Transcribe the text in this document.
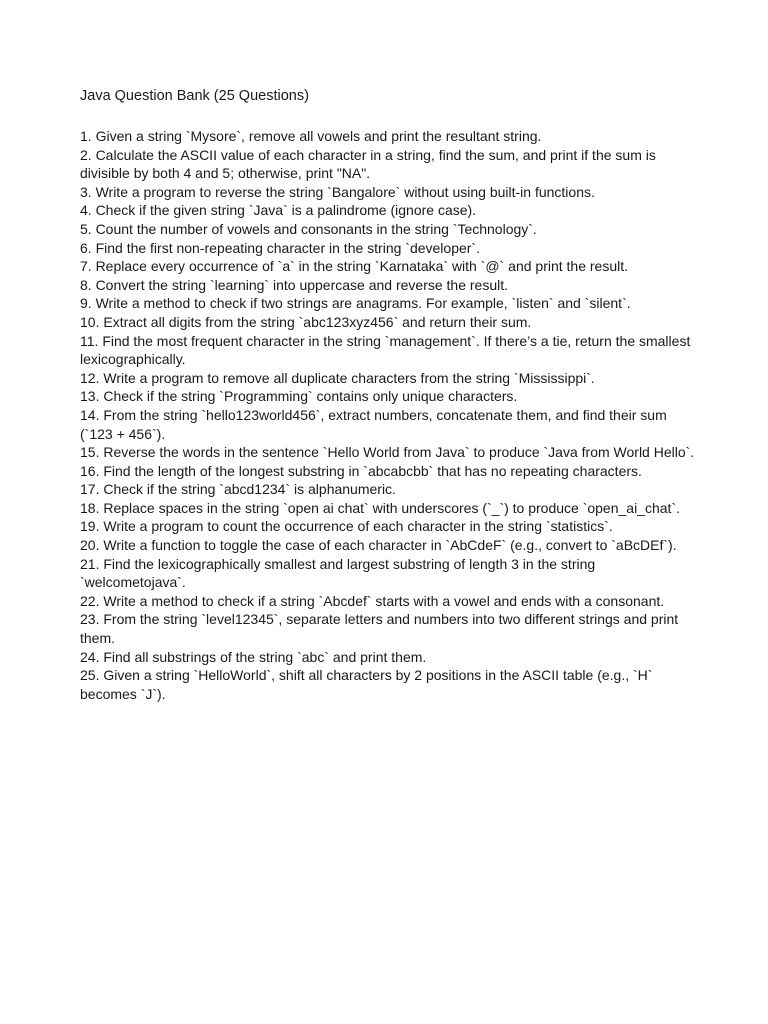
Java Question Bank (25 Questions)
1. Given a string `Mysore`, remove all vowels and print the resultant string.
2. Calculate the ASCII value of each character in a string, find the sum, and print if the sum is divisible by both 4 and 5; otherwise, print "NA".
3. Write a program to reverse the string `Bangalore` without using built-in functions.
4. Check if the given string `Java` is a palindrome (ignore case).
5. Count the number of vowels and consonants in the string `Technology`.
6. Find the first non-repeating character in the string `developer`.
7. Replace every occurrence of `a` in the string `Karnataka` with `@` and print the result.
8. Convert the string `learning` into uppercase and reverse the result.
9. Write a method to check if two strings are anagrams. For example, `listen` and `silent`.
10. Extract all digits from the string `abc123xyz456` and return their sum.
11. Find the most frequent character in the string `management`. If there’s a tie, return the smallest lexicographically.
12. Write a program to remove all duplicate characters from the string `Mississippi`.
13. Check if the string `Programming` contains only unique characters.
14. From the string `hello123world456`, extract numbers, concatenate them, and find their sum (`123 + 456`).
15. Reverse the words in the sentence `Hello World from Java` to produce `Java from World Hello`.
16. Find the length of the longest substring in `abcabcbb` that has no repeating characters.
17. Check if the string `abcd1234` is alphanumeric.
18. Replace spaces in the string `open ai chat` with underscores (`_`) to produce `open_ai_chat`.
19. Write a program to count the occurrence of each character in the string `statistics`.
20. Write a function to toggle the case of each character in `AbCdeF` (e.g., convert to `aBcDEf`).
21. Find the lexicographically smallest and largest substring of length 3 in the string `welcometojava`.
22. Write a method to check if a string `Abcdef` starts with a vowel and ends with a consonant.
23. From the string `level12345`, separate letters and numbers into two different strings and print them.
24. Find all substrings of the string `abc` and print them.
25. Given a string `HelloWorld`, shift all characters by 2 positions in the ASCII table (e.g., `H` becomes `J`).
